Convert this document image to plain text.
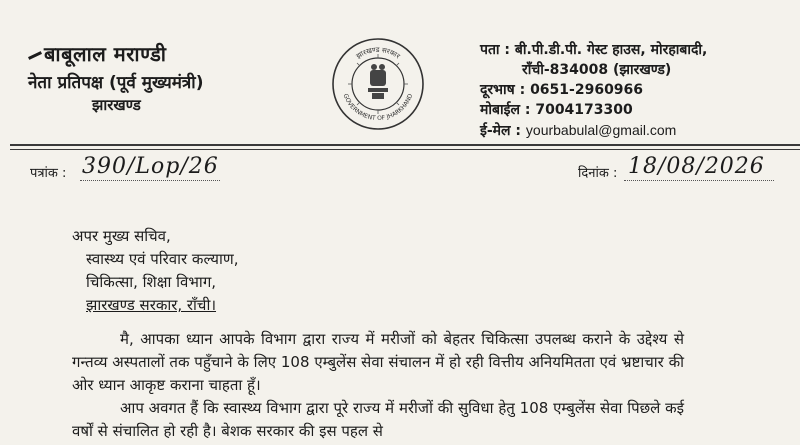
बाबूलाल मराण्डी
नेता प्रतिपक्ष (पूर्व मुख्यमंत्री)
झारखण्ड
झारखण्ड सरकार
GOVERNMENT OF JHARKHAND
पता : बी.पी.डी.पी. गेस्ट हाउस, मोरहाबादी,
राँची-834008 (झारखण्ड)
दूरभाष : 0651-2960966
मोबाईल : 7004173300
ई-मेल : yourbabulal@gmail.com
पत्रांक : 390/Lop/26	दिनांक : 18/08/2026
अपर मुख्य सचिव,
स्वास्थ्य एवं परिवार कल्याण,
चिकित्सा, शिक्षा विभाग,
झारखण्ड सरकार, राँची।

मै, आपका ध्यान आपके विभाग द्वारा राज्य में मरीजों को बेहतर चिकित्सा उपलब्ध कराने के उद्देश्य से गन्तव्य अस्पतालों तक पहुँचाने के लिए 108 एम्बुलेंस सेवा संचालन में हो रही वित्तीय अनियमितता एवं भ्रष्टाचार की ओर ध्यान आकृष्ट कराना चाहता हूँ।

आप अवगत हैं कि स्वास्थ्य विभाग द्वारा पूरे राज्य में मरीजों की सुविधा हेतु 108 एम्बुलेंस सेवा पिछले कई वर्षों से संचालित हो रही है। बेशक सरकार की इस पहल से
